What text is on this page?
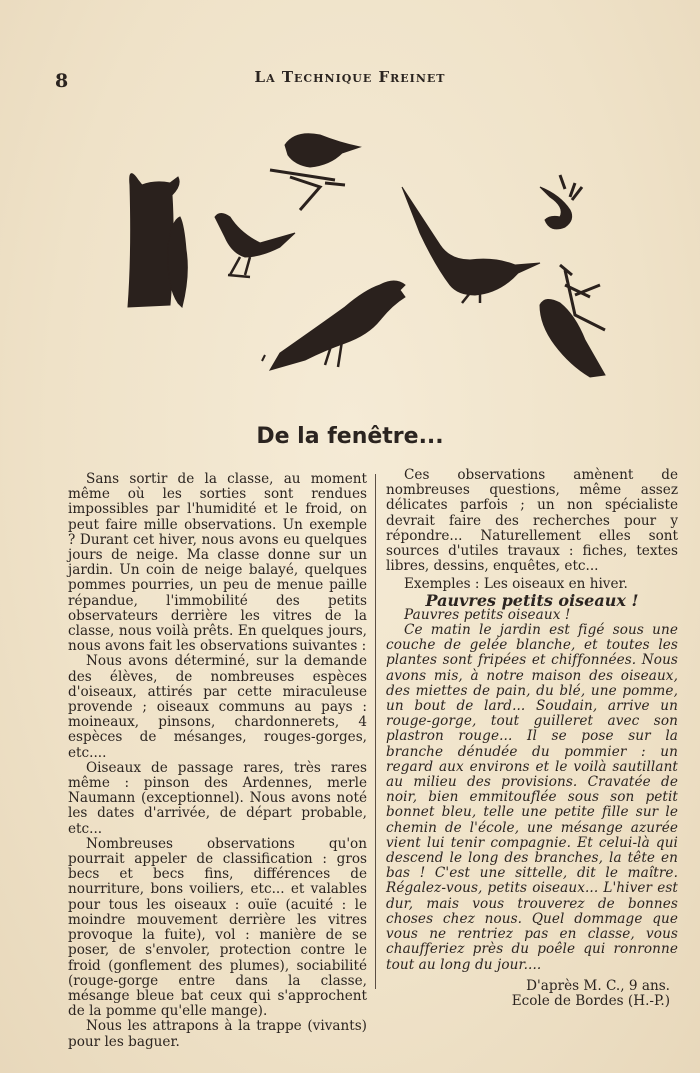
8	La Technique Freinet
De la fenêtre...

Sans sortir de la classe, au moment même où les sorties sont rendues impossibles par l'humidité et le froid, on peut faire mille observations. Un exemple ? Durant cet hiver, nous avons eu quelques jours de neige. Ma classe donne sur un jardin. Un coin de neige balayé, quelques pommes pourries, un peu de menue paille répandue, l'immobilité des petits observateurs derrière les vitres de la classe, nous voilà prêts. En quelques jours, nous avons fait les observations suivantes :

Nous avons déterminé, sur la demande des élèves, de nombreuses espèces d'oiseaux, attirés par cette miraculeuse provende ; oiseaux communs au pays : moineaux, pinsons, chardonnerets, 4 espèces de mésanges, rouges-gorges, etc....

Oiseaux de passage rares, très rares même : pinson des Ardennes, merle Naumann (exceptionnel). Nous avons noté les dates d'arrivée, de départ probable, etc...

Nombreuses observations qu'on pourrait appeler de classification : gros becs et becs fins, différences de nourriture, bons voiliers, etc... et valables pour tous les oiseaux : ouïe (acuité : le moindre mouvement derrière les vitres provoque la fuite), vol : manière de se poser, de s'envoler, protection contre le froid (gonflement des plumes), sociabilité (rouge-gorge entre dans la classe, mésange bleue bat ceux qui s'approchent de la pomme qu'elle mange).

Nous les attrapons à la trappe (vivants) pour les baguer.

Ces observations amènent de nombreuses questions, même assez délicates parfois ; un non spécialiste devrait faire des recherches pour y répondre... Naturellement elles sont sources d'utiles travaux : fiches, textes libres, dessins, enquêtes, etc...

Exemples : Les oiseaux en hiver.

Pauvres petits oiseaux !

Pauvres petits oiseaux !

Ce matin le jardin est figé sous une couche de gelée blanche, et toutes les plantes sont fripées et chiffonnées. Nous avons mis, à notre maison des oiseaux, des miettes de pain, du blé, une pomme, un bout de lard... Soudain, arrive un rouge-gorge, tout guilleret avec son plastron rouge... Il se pose sur la branche dénudée du pommier : un regard aux environs et le voilà sautillant au milieu des provisions. Cravatée de noir, bien emmitouflée sous son petit bonnet bleu, telle une petite fille sur le chemin de l'école, une mésange azurée vient lui tenir compagnie. Et celui-là qui descend le long des branches, la tête en bas ! C'est une sittelle, dit le maître. Régalez-vous, petits oiseaux... L'hiver est dur, mais vous trouverez de bonnes choses chez nous. Quel dommage que vous ne rentriez pas en classe, vous chaufferiez près du poêle qui ronronne tout au long du jour....

D'après M. C., 9 ans.
Ecole de Bordes (H.-P.)
